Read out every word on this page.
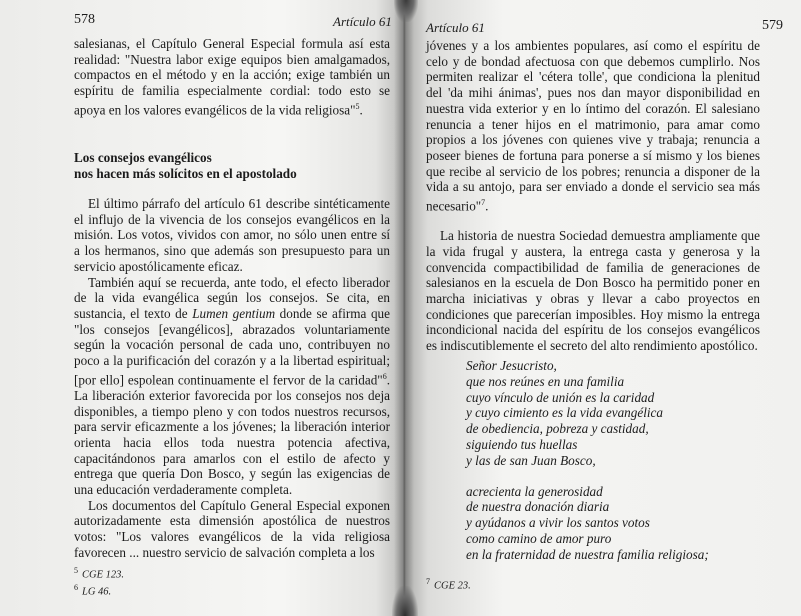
578	Artículo 61

salesianas, el Capítulo General Especial formula así esta realidad: "Nuestra labor exige equipos bien amalgamados, compactos en el método y en la acción; exige también un espíritu de familia especialmente cordial: todo esto se apoya en los valores evangélicos de la vida religiosa"$^5$.

Los consejos evangélicos
nos hacen más solícitos en el apostolado

El último párrafo del artículo 61 describe sintéticamente el influjo de la vivencia de los consejos evangélicos en la misión. Los votos, vividos con amor, no sólo unen entre sí a los hermanos, sino que además son presupuesto para un servicio apostólicamente eficaz.

También aquí se recuerda, ante todo, el efecto liberador de la vida evangélica según los consejos. Se cita, en sustancia, el texto de Lumen gentium donde se afirma que "los consejos [evangélicos], abrazados voluntariamente según la vocación personal de cada uno, contribuyen no poco a la purificación del corazón y a la libertad espiritual; [por ello] espolean continuamente el fervor de la caridad"$^6$. La liberación exterior favorecida por los consejos nos deja disponibles, a tiempo pleno y con todos nuestros recursos, para servir eficazmente a los jóvenes; la liberación interior orienta hacia ellos toda nuestra potencia afectiva, capacitándonos para amarlos con el estilo de afecto y entrega que quería Don Bosco, y según las exigencias de una educación verdaderamente completa.

Los documentos del Capítulo General Especial exponen autorizadamente esta dimensión apostólica de nuestros votos: "Los valores evangélicos de la vida religiosa favorecen ... nuestro servicio de salvación completa a los

$^5$ CGE 123.

$^6$ LG 46.

Artículo 61	579

jóvenes y a los ambientes populares, así como el espíritu de celo y de bondad afectuosa con que debemos cumplirlo. Nos permiten realizar el 'cétera tolle', que condiciona la plenitud del 'da mihi ánimas', pues nos dan mayor disponibilidad en nuestra vida exterior y en lo íntimo del corazón. El salesiano renuncia a tener hijos en el matrimonio, para amar como propios a los jóvenes con quienes vive y trabaja; renuncia a poseer bienes de fortuna para ponerse a sí mismo y los bienes que recibe al servicio de los pobres; renuncia a disponer de la vida a su antojo, para ser enviado a donde el servicio sea más necesario"$^7$.

La historia de nuestra Sociedad demuestra ampliamente que la vida frugal y austera, la entrega casta y generosa y la convencida compactibilidad de familia de generaciones de salesianos en la escuela de Don Bosco ha permitido poner en marcha iniciativas y obras y llevar a cabo proyectos en condiciones que parecerían imposibles. Hoy mismo la entrega incondicional nacida del espíritu de los consejos evangélicos es indiscutiblemente el secreto del alto rendimiento apostólico.

Señor Jesucristo,

que nos reúnes en una familia

cuyo vínculo de unión es la caridad

y cuyo cimiento es la vida evangélica

de obediencia, pobreza y castidad,

siguiendo tus huellas

y las de san Juan Bosco,

acrecienta la generosidad

de nuestra donación diaria

y ayúdanos a vivir los santos votos

como camino de amor puro

en la fraternidad de nuestra familia religiosa;

$^7$ CGE 23.
